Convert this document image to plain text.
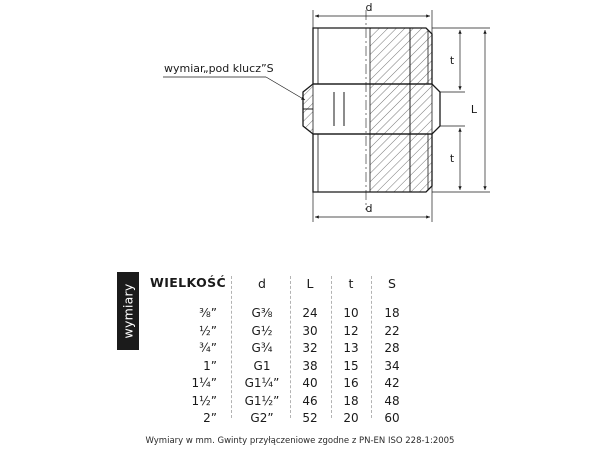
d
d
t
t
L
wymiar„pod klucz”S
wymiary
WIELKOŚĆ	d	L	t	S
⅜”	G⅜	24	10	18
½”	G½	30	12	22
¾”	G¾	32	13	28
1”	G1	38	15	34
1¼”	G1¼”	40	16	42
1½”	G1½”	46	18	48
2”	G2”	52	20	60
Wymiary w mm. Gwinty przyłączeniowe zgodne z PN-EN ISO 228-1:2005
